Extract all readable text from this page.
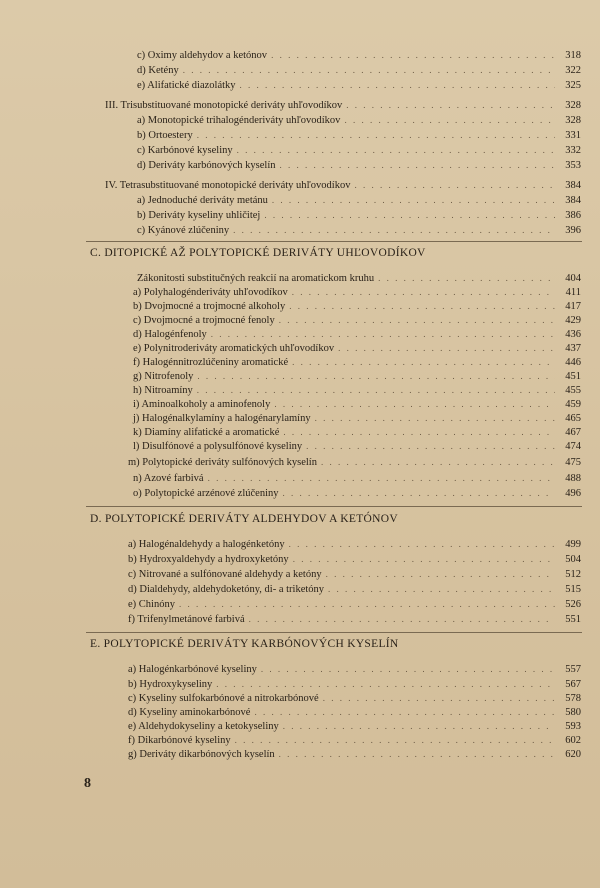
c) Oximy aldehydov a ketónov . . .	318
d) Ketény . . .	322
e) Alifatické diazolátky . . .	325
III. Trisubstituované monotopické deriváty uhľovodíkov . . .	328
a) Monotopické trihalogénderiváty uhľovodíkov . . .	328
b) Ortoestery . . .	331
c) Karbónové kyseliny . . .	332
d) Deriváty karbónových kyselín . . .	353
IV. Tetrasubstituované monotopické deriváty uhľovodíkov . . .	384
a) Jednoduché deriváty metánu . . .	384
b) Deriváty kyseliny uhličitej . . .	386
c) Kyánové zlúčeniny . . .	396
C. DITOPICKÉ AŽ POLYTOPICKÉ DERIVÁTY UHĽOVODÍKOV
Zákonitosti substitučných reakcií na aromatickom kruhu . . .	404
a) Polyhalogénderiváty uhľovodíkov . . .	411
b) Dvojmocné a trojmocné alkoholy . . .	417
c) Dvojmocné a trojmocné fenoly . . .	429
d) Halogénfenoly . . .	436
e) Polynitroderiváty aromatických uhľovodíkov . . .	437
f) Halogénnitrozlúčeniny aromatické . . .	446
g) Nitrofenoly . . .	451
h) Nitroamíny . . .	455
i) Aminoalkoholy a aminofenoly . . .	459
j) Halogénalkylamíny a halogénarylamíny . . .	465
k) Diamíny alifatické a aromatické . . .	467
l) Disulfónové a polysulfónové kyseliny . . .	474
m) Polytopické deriváty sulfónových kyselín . . .	475
n) Azové farbivá . . .	488
o) Polytopické arzénové zlúčeniny . . .	496
D. POLYTOPICKÉ DERIVÁTY ALDEHYDOV A KETÓNOV
a) Halogénaldehydy a halogénketóny . . .	499
b) Hydroxyaldehydy a hydroxyketóny . . .	504
c) Nitrované a sulfónované aldehydy a ketóny . . .	512
d) Dialdehydy, aldehydoketóny, di- a triketóny . . .	515
e) Chinóny . . .	526
f) Trifenylmetánové farbivá . . .	551
E. POLYTOPICKÉ DERIVÁTY KARBÓNOVÝCH KYSELÍN
a) Halogénkarbónové kyseliny . . .	557
b) Hydroxykyseliny . . .	567
c) Kyseliny sulfokarbónové a nitrokarbónové . . .	578
d) Kyseliny aminokarbónové . . .	580
e) Aldehydokyseliny a ketokyseliny . . .	593
f) Dikarbónové kyseliny . . .	602
g) Deriváty dikarbónových kyselín . . .	620
8
